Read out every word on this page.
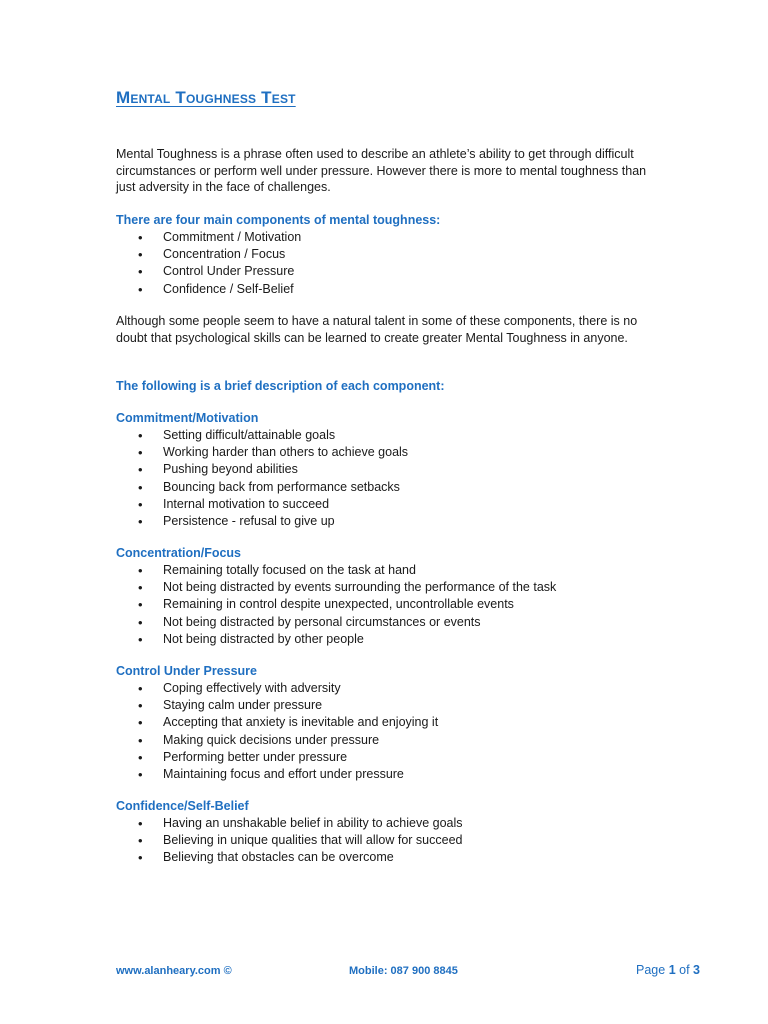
Mental Toughness Test

Mental Toughness is a phrase often used to describe an athlete’s ability to get through difficult circumstances or perform well under pressure. However there is more to mental toughness than just adversity in the face of challenges.

There are four main components of mental toughness:

• Commitment / Motivation
• Concentration / Focus
• Control Under Pressure
• Confidence / Self-Belief

Although some people seem to have a natural talent in some of these components, there is no doubt that psychological skills can be learned to create greater Mental Toughness in anyone.

The following is a brief description of each component:

Commitment/Motivation

• Setting difficult/attainable goals
• Working harder than others to achieve goals
• Pushing beyond abilities
• Bouncing back from performance setbacks
• Internal motivation to succeed
• Persistence - refusal to give up

Concentration/Focus

• Remaining totally focused on the task at hand
• Not being distracted by events surrounding the performance of the task
• Remaining in control despite unexpected, uncontrollable events
• Not being distracted by personal circumstances or events
• Not being distracted by other people

Control Under Pressure

• Coping effectively with adversity
• Staying calm under pressure
• Accepting that anxiety is inevitable and enjoying it
• Making quick decisions under pressure
• Performing better under pressure
• Maintaining focus and effort under pressure

Confidence/Self-Belief

• Having an unshakable belief in ability to achieve goals
• Believing in unique qualities that will allow for succeed
• Believing that obstacles can be overcome
www.alanheary.com ©	Mobile: 087 900 8845	Page 1 of 3
